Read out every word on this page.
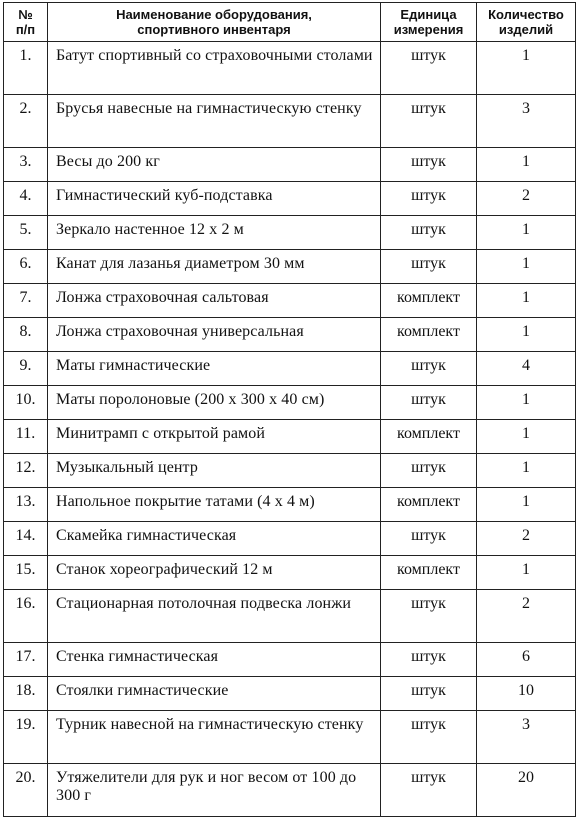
№ п/п	Наименование оборудования, спортивного инвентаря	Единица измерения	Количество изделий
1.	Батут спортивный со страховочными столами	штук	1
2.	Брусья навесные на гимнастическую стенку	штук	3
3.	Весы до 200 кг	штук	1
4.	Гимнастический куб-подставка	штук	2
5.	Зеркало настенное 12 х 2 м	штук	1
6.	Канат для лазанья диаметром 30 мм	штук	1
7.	Лонжа страховочная сальтовая	комплект	1
8.	Лонжа страховочная универсальная	комплект	1
9.	Маты гимнастические	штук	4
10.	Маты поролоновые (200 х 300 х 40 см)	штук	1
11.	Минитрамп с открытой рамой	комплект	1
12.	Музыкальный центр	штук	1
13.	Напольное покрытие татами (4 х 4 м)	комплект	1
14.	Скамейка гимнастическая	штук	2
15.	Станок хореографический 12 м	комплект	1
16.	Стационарная потолочная подвеска лонжи	штук	2
17.	Стенка гимнастическая	штук	6
18.	Стоялки гимнастические	штук	10
19.	Турник навесной на гимнастическую стенку	штук	3
20.	Утяжелители для рук и ног весом от 100 до 300 г	штук	20
